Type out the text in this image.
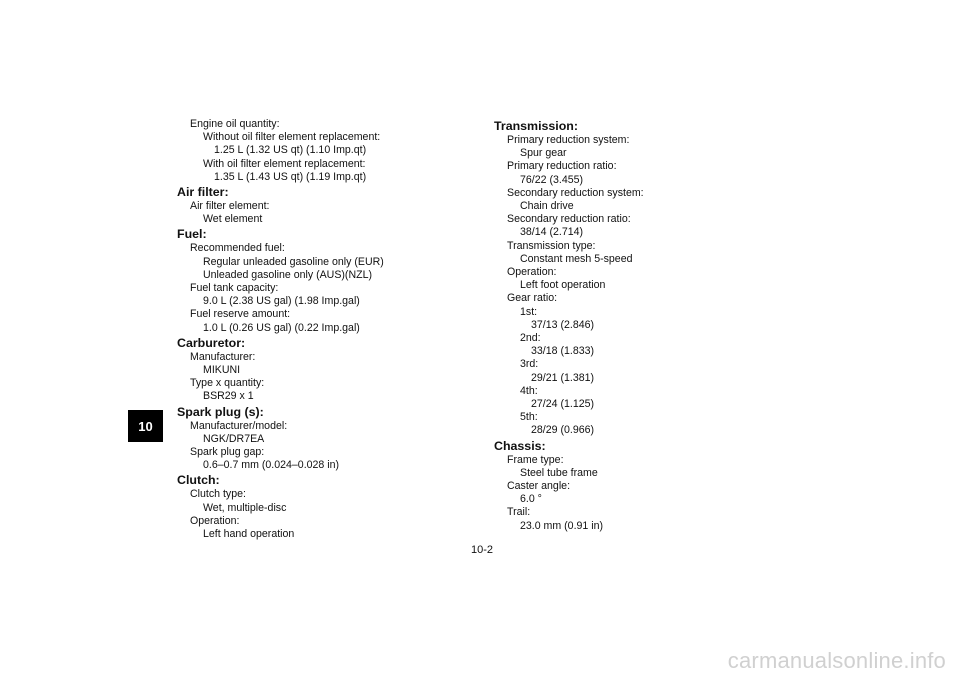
10
Engine oil quantity:
Without oil filter element replacement:
1.25 L (1.32 US qt) (1.10 Imp.qt)
With oil filter element replacement:
1.35 L (1.43 US qt) (1.19 Imp.qt)
Air filter:
Air filter element:
Wet element
Fuel:
Recommended fuel:
Regular unleaded gasoline only (EUR)
Unleaded gasoline only (AUS)(NZL)
Fuel tank capacity:
9.0 L (2.38 US gal) (1.98 Imp.gal)
Fuel reserve amount:
1.0 L (0.26 US gal) (0.22 Imp.gal)
Carburetor:
Manufacturer:
MIKUNI
Type x quantity:
BSR29 x 1
Spark plug (s):
Manufacturer/model:
NGK/DR7EA
Spark plug gap:
0.6–0.7 mm (0.024–0.028 in)
Clutch:
Clutch type:
Wet, multiple-disc
Operation:
Left hand operation
Transmission:
Primary reduction system:
Spur gear
Primary reduction ratio:
76/22 (3.455)
Secondary reduction system:
Chain drive
Secondary reduction ratio:
38/14 (2.714)
Transmission type:
Constant mesh 5-speed
Operation:
Left foot operation
Gear ratio:
1st:
37/13 (2.846)
2nd:
33/18 (1.833)
3rd:
29/21 (1.381)
4th:
27/24 (1.125)
5th:
28/29 (0.966)
Chassis:
Frame type:
Steel tube frame
Caster angle:
6.0 °
Trail:
23.0 mm (0.91 in)
10-2
carmanualsonline.info
